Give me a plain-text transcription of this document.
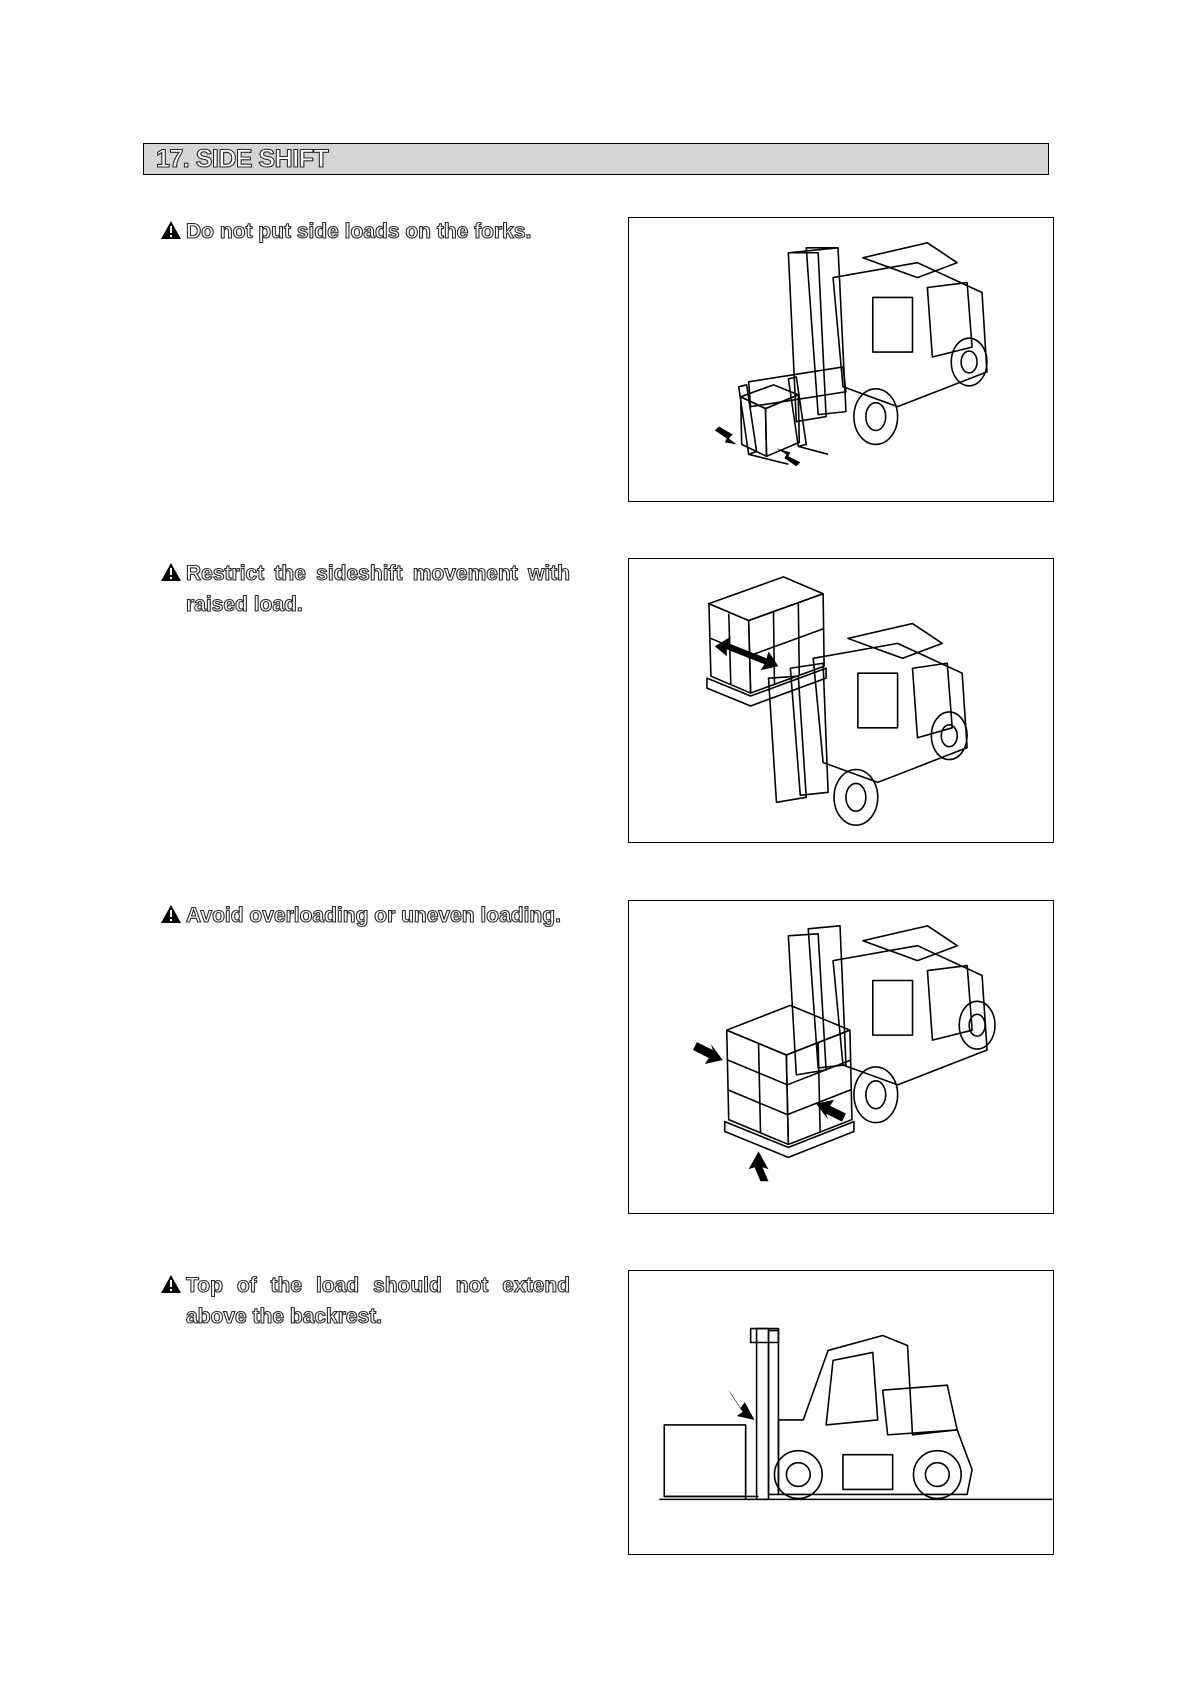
17. SIDE SHIFT
Do not put side loads on the forks.
Restrict the sideshift movement with raised load.
Avoid overloading or uneven loading.
Top of the load should not extend above the backrest.
